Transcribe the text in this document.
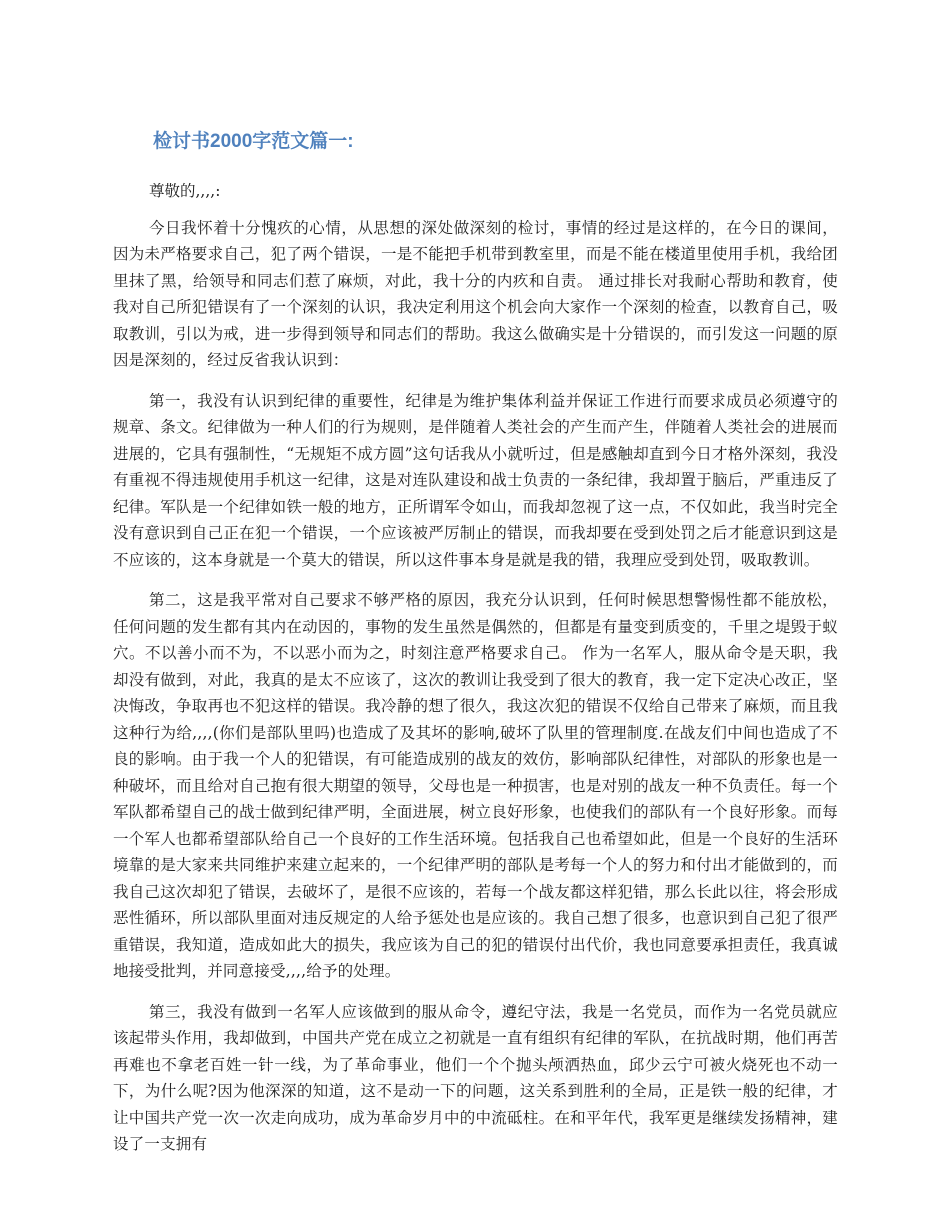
检讨书2000字范文篇一:

尊敬的,,,,:

今日我怀着十分愧疚的心情，从思想的深处做深刻的检讨，事情的经过是这样的，在今日的课间，因为未严格要求自己，犯了两个错误，一是不能把手机带到教室里，而是不能在楼道里使用手机，我给团里抹了黑，给领导和同志们惹了麻烦，对此，我十分的内疚和自责。 通过排长对我耐心帮助和教育，使我对自己所犯错误有了一个深刻的认识，我决定利用这个机会向大家作一个深刻的检查，以教育自己，吸取教训，引以为戒，进一步得到领导和同志们的帮助。我这么做确实是十分错误的，而引发这一问题的原因是深刻的，经过反省我认识到：

第一，我没有认识到纪律的重要性，纪律是为维护集体利益并保证工作进行而要求成员必须遵守的规章、条文。纪律做为一种人们的行为规则，是伴随着人类社会的产生而产生，伴随着人类社会的进展而进展的，它具有强制性，“无规矩不成方圆”这句话我从小就听过，但是感触却直到今日才格外深刻，我没有重视不得违规使用手机这一纪律，这是对连队建设和战士负责的一条纪律，我却置于脑后，严重违反了纪律。军队是一个纪律如铁一般的地方，正所谓军令如山，而我却忽视了这一点，不仅如此，我当时完全没有意识到自己正在犯一个错误，一个应该被严厉制止的错误，而我却要在受到处罚之后才能意识到这是不应该的，这本身就是一个莫大的错误，所以这件事本身是就是我的错，我理应受到处罚，吸取教训。

第二，这是我平常对自己要求不够严格的原因，我充分认识到，任何时候思想警惕性都不能放松，任何问题的发生都有其内在动因的，事物的发生虽然是偶然的，但都是有量变到质变的，千里之堤毁于蚁穴。不以善小而不为，不以恶小而为之，时刻注意严格要求自己。 作为一名军人，服从命令是天职，我却没有做到，对此，我真的是太不应该了，这次的教训让我受到了很大的教育，我一定下定决心改正，坚决悔改，争取再也不犯这样的错误。我冷静的想了很久，我这次犯的错误不仅给自己带来了麻烦，而且我这种行为给,,,,(你们是部队里吗)也造成了及其坏的影响,破坏了队里的管理制度.在战友们中间也造成了不良的影响。由于我一个人的犯错误，有可能造成别的战友的效仿，影响部队纪律性，对部队的形象也是一种破坏，而且给对自己抱有很大期望的领导，父母也是一种损害，也是对别的战友一种不负责任。每一个军队都希望自己的战士做到纪律严明，全面进展，树立良好形象，也使我们的部队有一个良好形象。而每一个军人也都希望部队给自己一个良好的工作生活环境。包括我自己也希望如此，但是一个良好的生活环境靠的是大家来共同维护来建立起来的，一个纪律严明的部队是考每一个人的努力和付出才能做到的，而我自己这次却犯了错误，去破坏了，是很不应该的，若每一个战友都这样犯错，那么长此以往，将会形成恶性循环，所以部队里面对违反规定的人给予惩处也是应该的。我自己想了很多，也意识到自己犯了很严重错误，我知道，造成如此大的损失，我应该为自己的犯的错误付出代价，我也同意要承担责任，我真诚地接受批判，并同意接受,,,,给予的处理。

第三，我没有做到一名军人应该做到的服从命令，遵纪守法，我是一名党员，而作为一名党员就应该起带头作用，我却做到，中国共产党在成立之初就是一直有组织有纪律的军队，在抗战时期，他们再苦再难也不拿老百姓一针一线，为了革命事业，他们一个个抛头颅洒热血，邱少云宁可被火烧死也不动一下，为什么呢?因为他深深的知道，这不是动一下的问题，这关系到胜利的全局，正是铁一般的纪律，才让中国共产党一次一次走向成功，成为革命岁月中的中流砥柱。在和平年代，我军更是继续发扬精神，建设了一支拥有
